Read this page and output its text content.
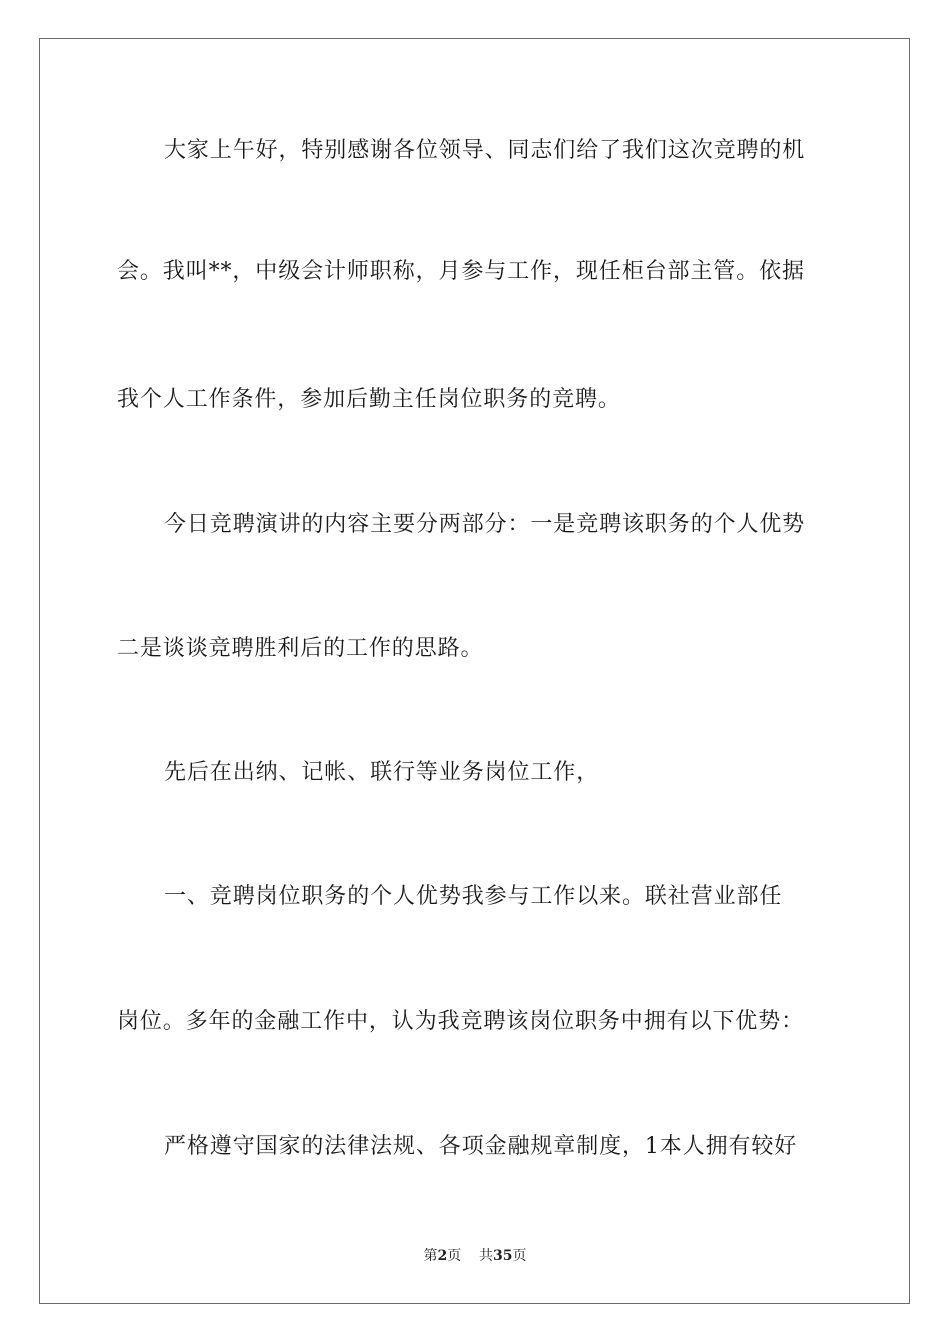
大家上午好，特别感谢各位领导、同志们给了我们这次竞聘的机
会。我叫**，中级会计师职称，月参与工作，现任柜台部主管。依据
我个人工作条件，参加后勤主任岗位职务的竞聘。
今日竞聘演讲的内容主要分两部分：一是竞聘该职务的个人优势
二是谈谈竞聘胜利后的工作的思路。
先后在出纳、记帐、联行等业务岗位工作，
一、竞聘岗位职务的个人优势我参与工作以来。联社营业部任
岗位。多年的金融工作中，认为我竞聘该岗位职务中拥有以下优势：
严格遵守国家的法律法规、各项金融规章制度，1本人拥有较好
第2页 共35页
